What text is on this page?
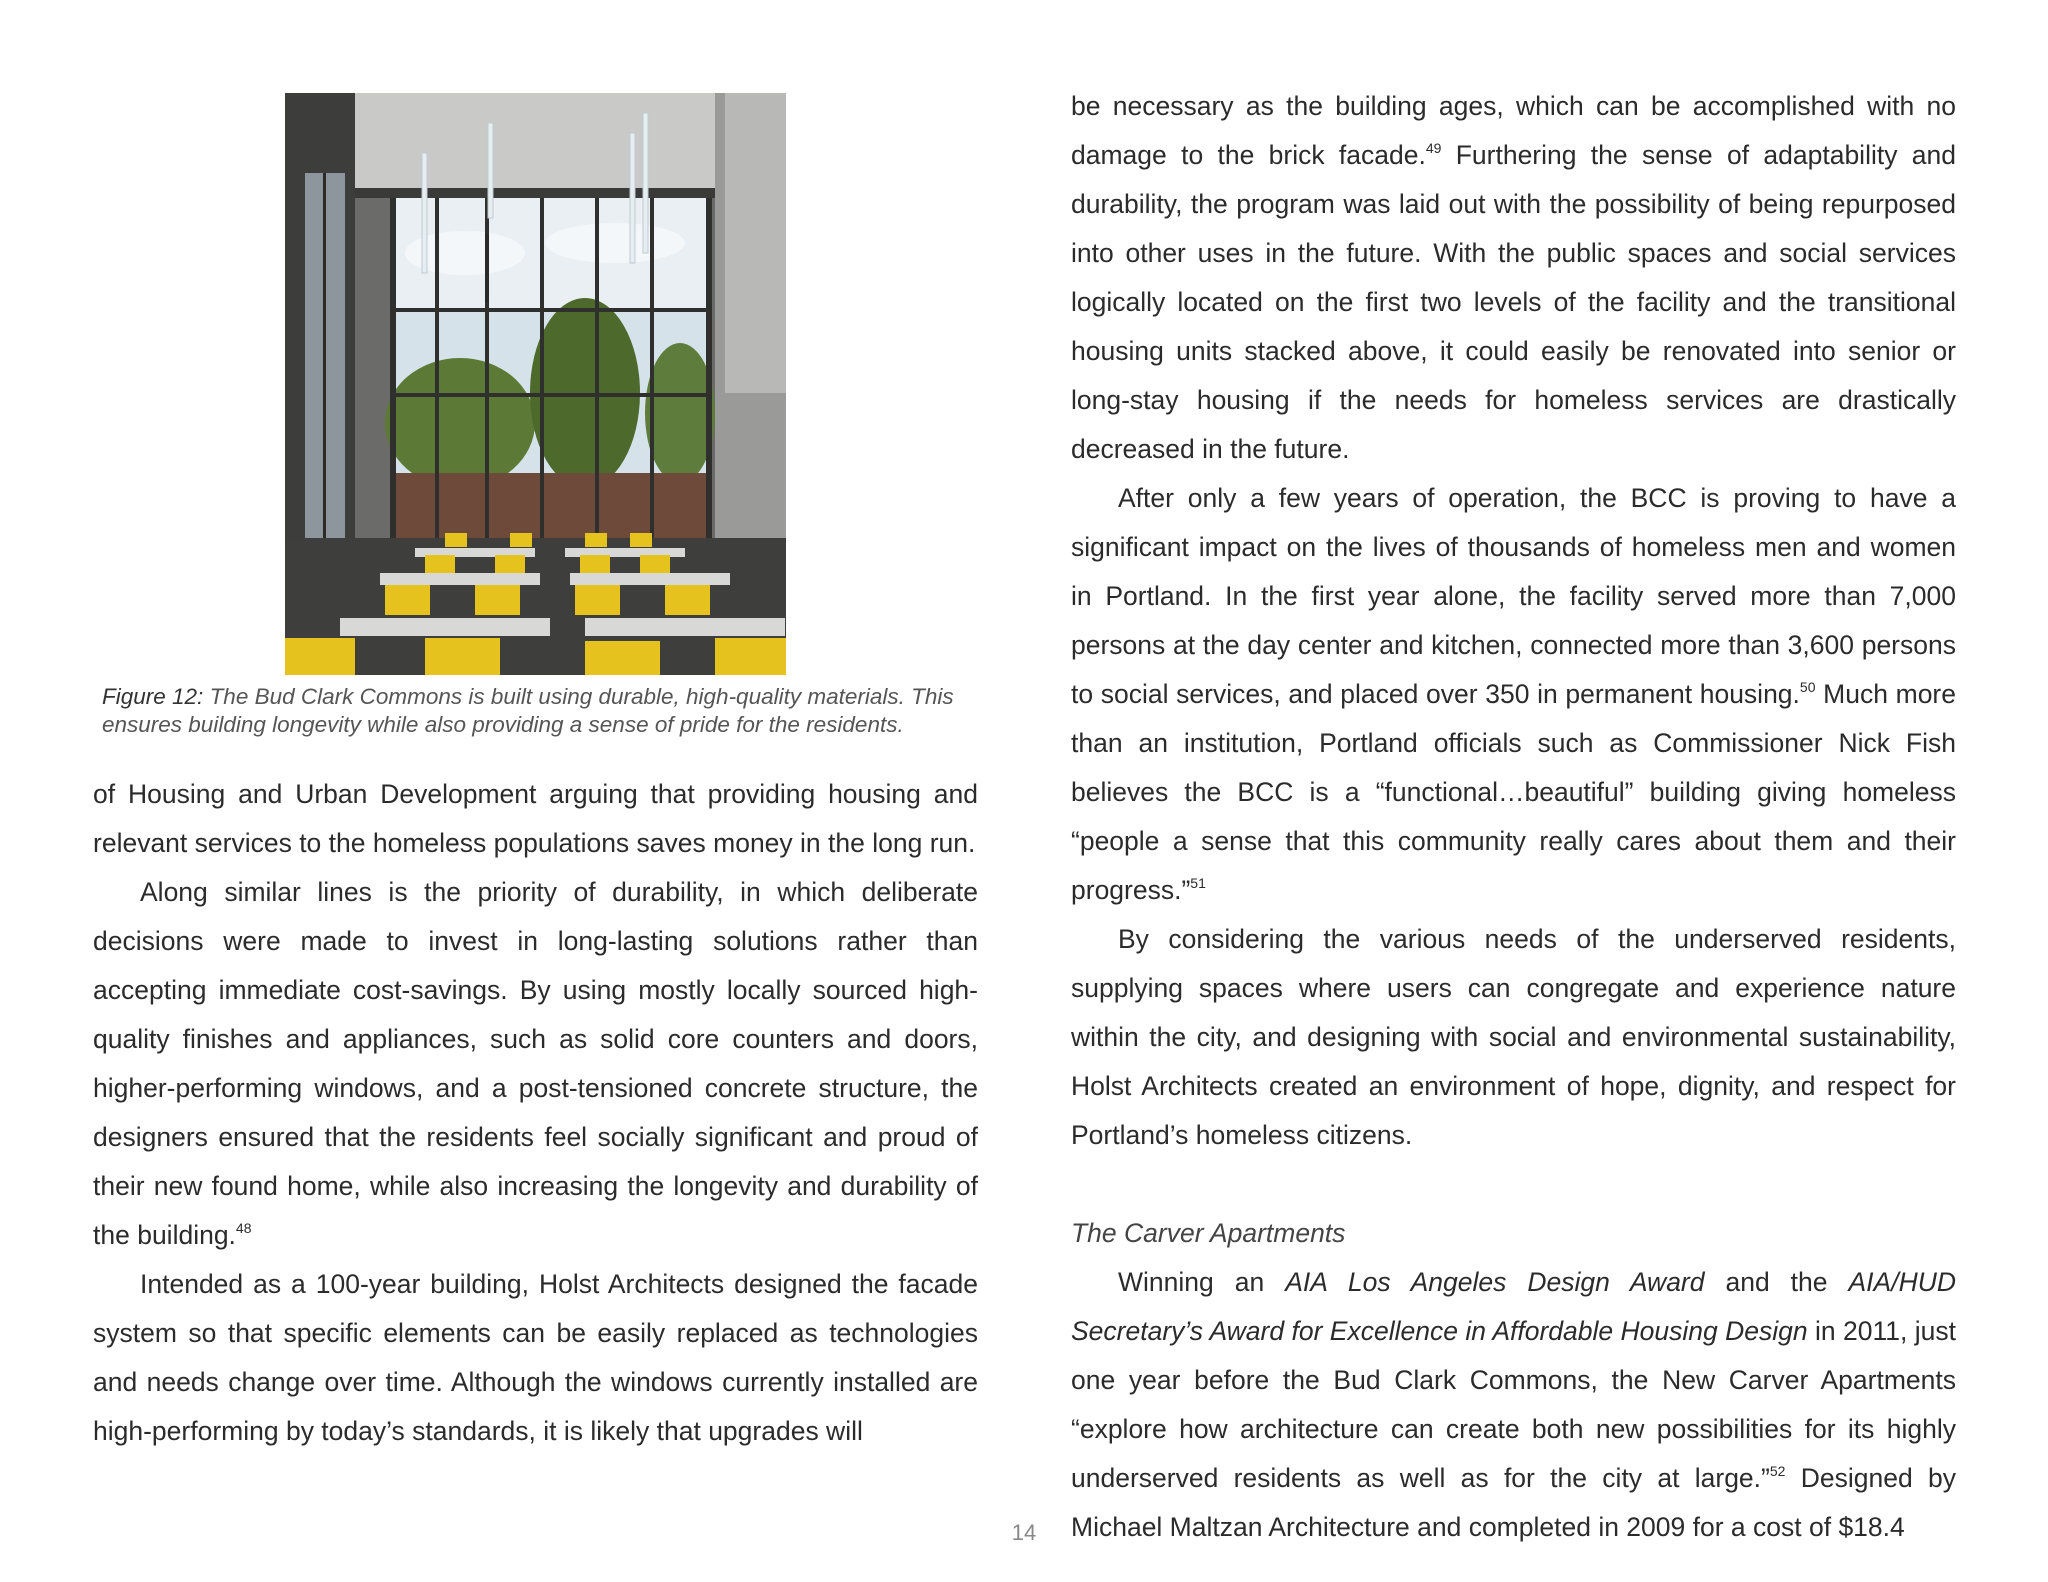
Figure 12: The Bud Clark Commons is built using durable, high-quality materials. This ensures building longevity while also providing a sense of pride for the residents.

of Housing and Urban Development arguing that providing housing and relevant services to the homeless populations saves money in the long run.

Along similar lines is the priority of durability, in which deliberate decisions were made to invest in long-lasting solutions rather than accepting immediate cost-savings. By using mostly locally sourced high-quality finishes and appliances, such as solid core counters and doors, higher-performing windows, and a post-tensioned concrete structure, the designers ensured that the residents feel socially significant and proud of their new found home, while also increasing the longevity and durability of the building.$^{48}$

Intended as a 100-year building, Holst Architects designed the facade system so that specific elements can be easily replaced as technologies and needs change over time. Although the windows currently installed are high-performing by today’s standards, it is likely that upgrades will

be necessary as the building ages, which can be accomplished with no damage to the brick facade.$^{49}$ Furthering the sense of adaptability and durability, the program was laid out with the possibility of being repurposed into other uses in the future. With the public spaces and social services logically located on the first two levels of the facility and the transitional housing units stacked above, it could easily be renovated into senior or long-stay housing if the needs for homeless services are drastically decreased in the future.

After only a few years of operation, the BCC is proving to have a significant impact on the lives of thousands of homeless men and women in Portland. In the first year alone, the facility served more than 7,000 persons at the day center and kitchen, connected more than 3,600 persons to social services, and placed over 350 in permanent housing.$^{50}$ Much more than an institution, Portland officials such as Commissioner Nick Fish believes the BCC is a “functional…beautiful” building giving homeless “people a sense that this community really cares about them and their progress.”$^{51}$

By considering the various needs of the underserved residents, supplying spaces where users can congregate and experience nature within the city, and designing with social and environmental sustainability, Holst Architects created an environment of hope, dignity, and respect for Portland’s homeless citizens.

The Carver Apartments

Winning an AIA Los Angeles Design Award and the AIA/HUD Secretary’s Award for Excellence in Affordable Housing Design in 2011, just one year before the Bud Clark Commons, the New Carver Apartments “explore how architecture can create both new possibilities for its highly underserved residents as well as for the city at large.”$^{52}$ Designed by Michael Maltzan Architecture and completed in 2009 for a cost of $18.4

14
